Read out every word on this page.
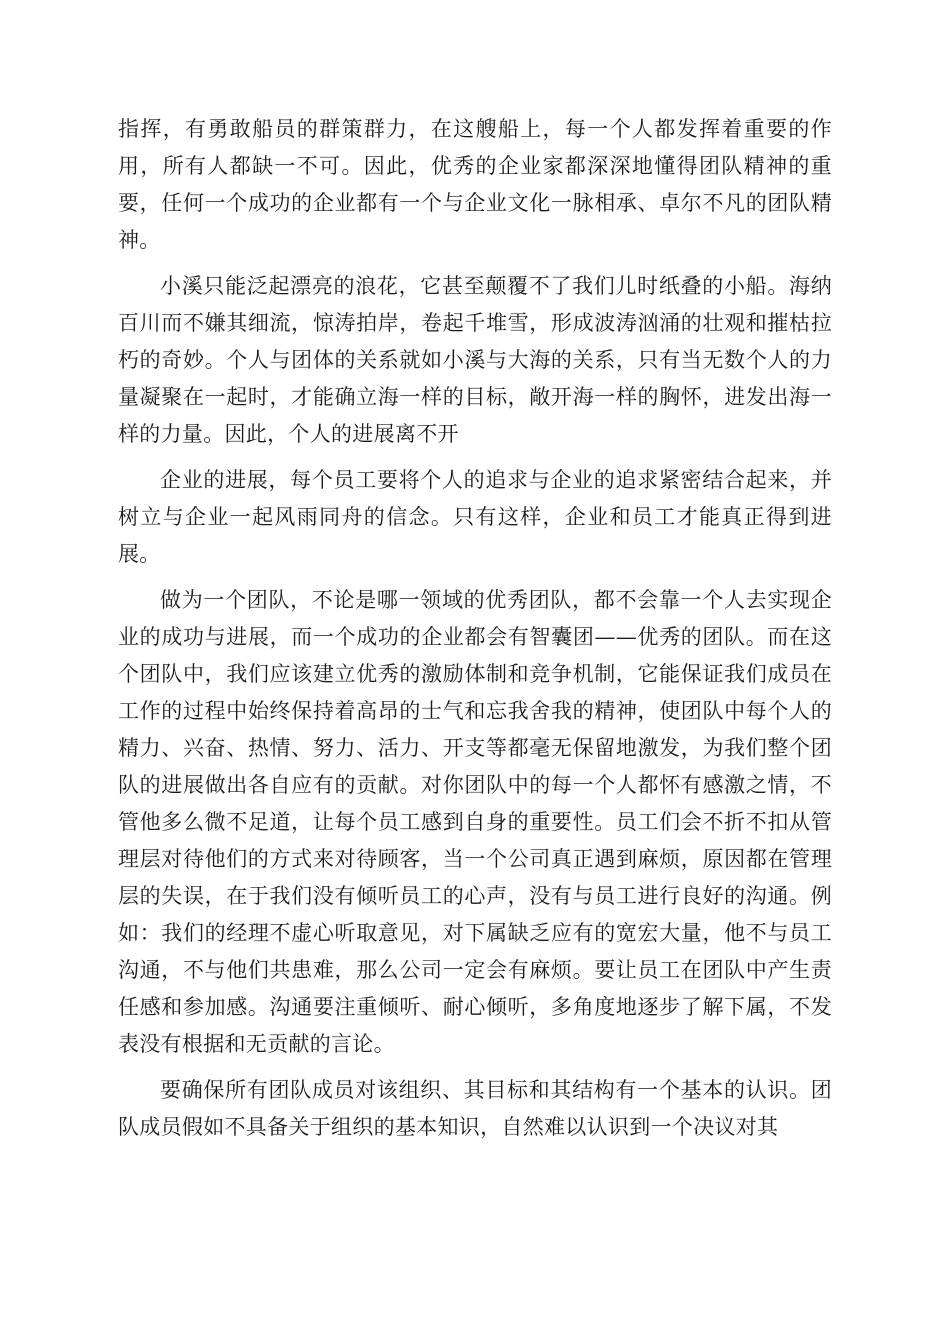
指挥，有勇敢船员的群策群力，在这艘船上，每一个人都发挥着重要的作用，所有人都缺一不可。因此，优秀的企业家都深深地懂得团队精神的重要，任何一个成功的企业都有一个与企业文化一脉相承、卓尔不凡的团队精神。

小溪只能泛起漂亮的浪花，它甚至颠覆不了我们儿时纸叠的小船。海纳百川而不嫌其细流，惊涛拍岸，卷起千堆雪，形成波涛汹涌的壮观和摧枯拉朽的奇妙。个人与团体的关系就如小溪与大海的关系，只有当无数个人的力量凝聚在一起时，才能确立海一样的目标，敞开海一样的胸怀，进发出海一样的力量。因此，个人的进展离不开

企业的进展，每个员工要将个人的追求与企业的追求紧密结合起来，并树立与企业一起风雨同舟的信念。只有这样，企业和员工才能真正得到进展。

做为一个团队，不论是哪一领域的优秀团队，都不会靠一个人去实现企业的成功与进展，而一个成功的企业都会有智囊团——优秀的团队。而在这个团队中，我们应该建立优秀的激励体制和竞争机制，它能保证我们成员在工作的过程中始终保持着高昂的士气和忘我舍我的精神，使团队中每个人的精力、兴奋、热情、努力、活力、开支等都毫无保留地激发，为我们整个团队的进展做出各自应有的贡献。对你团队中的每一个人都怀有感激之情，不管他多么微不足道，让每个员工感到自身的重要性。员工们会不折不扣从管理层对待他们的方式来对待顾客，当一个公司真正遇到麻烦，原因都在管理层的失误，在于我们没有倾听员工的心声，没有与员工进行良好的沟通。例如：我们的经理不虚心听取意见，对下属缺乏应有的宽宏大量，他不与员工沟通，不与他们共患难，那么公司一定会有麻烦。要让员工在团队中产生责任感和参加感。沟通要注重倾听、耐心倾听，多角度地逐步了解下属，不发表没有根据和无贡献的言论。

要确保所有团队成员对该组织、其目标和其结构有一个基本的认识。团队成员假如不具备关于组织的基本知识，自然难以认识到一个决议对其
